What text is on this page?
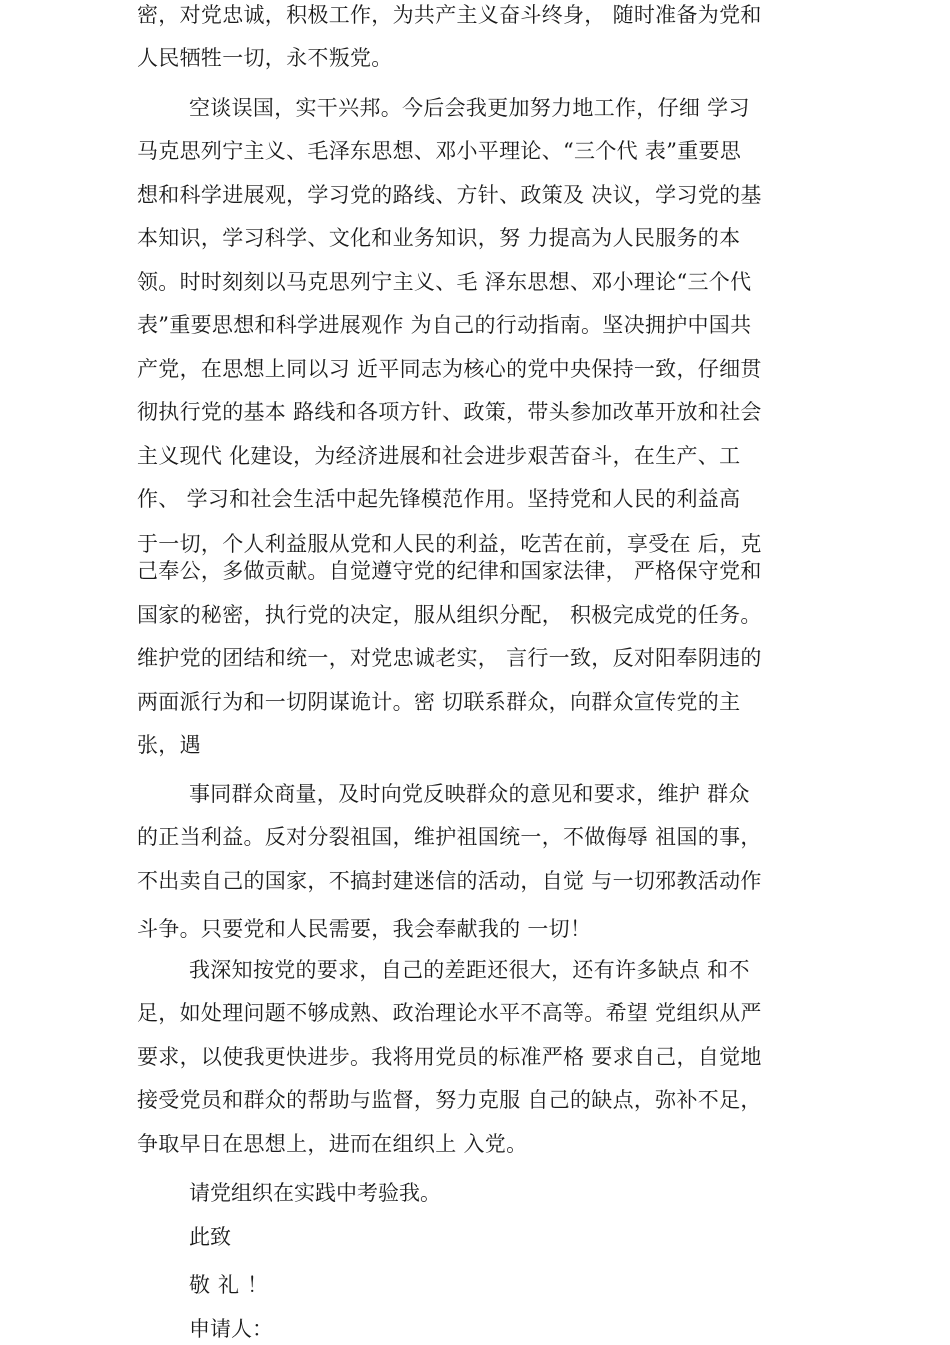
密，对党忠诚，积极工作，为共产主义奋斗终身， 随时准备为党和
人民牺牲一切，永不叛党。
空谈误国，实干兴邦。今后会我更加努力地工作，仔细 学习
马克思列宁主义、毛泽东思想、邓小平理论、“三个代 表”重要思
想和科学进展观，学习党的路线、方针、政策及 决议，学习党的基
本知识，学习科学、文化和业务知识，努 力提高为人民服务的本
领。时时刻刻以马克思列宁主义、毛 泽东思想、邓小理论“三个代
表”重要思想和科学进展观作 为自己的行动指南。坚决拥护中国共
产党，在思想上同以习 近平同志为核心的党中央保持一致，仔细贯
彻执行党的基本 路线和各项方针、政策，带头参加改革开放和社会
主义现代 化建设，为经济进展和社会进步艰苦奋斗，在生产、工
作、 学习和社会生活中起先锋模范作用。坚持党和人民的利益高
于一切，个人利益服从党和人民的利益，吃苦在前，享受在 后，克
己奉公，多做贡献。自觉遵守党的纪律和国家法律， 严格保守党和
国家的秘密，执行党的决定，服从组织分配， 积极完成党的任务。
维护党的团结和统一，对党忠诚老实， 言行一致，反对阳奉阴违的
两面派行为和一切阴谋诡计。密 切联系群众，向群众宣传党的主
张，遇
事同群众商量，及时向党反映群众的意见和要求，维护 群众
的正当利益。反对分裂祖国，维护祖国统一，不做侮辱 祖国的事，
不出卖自己的国家，不搞封建迷信的活动，自觉 与一切邪教活动作
斗争。只要党和人民需要，我会奉献我的 一切！
我深知按党的要求，自己的差距还很大，还有许多缺点 和不
足，如处理问题不够成熟、政治理论水平不高等。希望 党组织从严
要求，以使我更快进步。我将用党员的标准严格 要求自己，自觉地
接受党员和群众的帮助与监督，努力克服 自己的缺点，弥补不足，
争取早日在思想上，进而在组织上 入党。
请党组织在实践中考验我。
此致
敬礼！
申请人：
